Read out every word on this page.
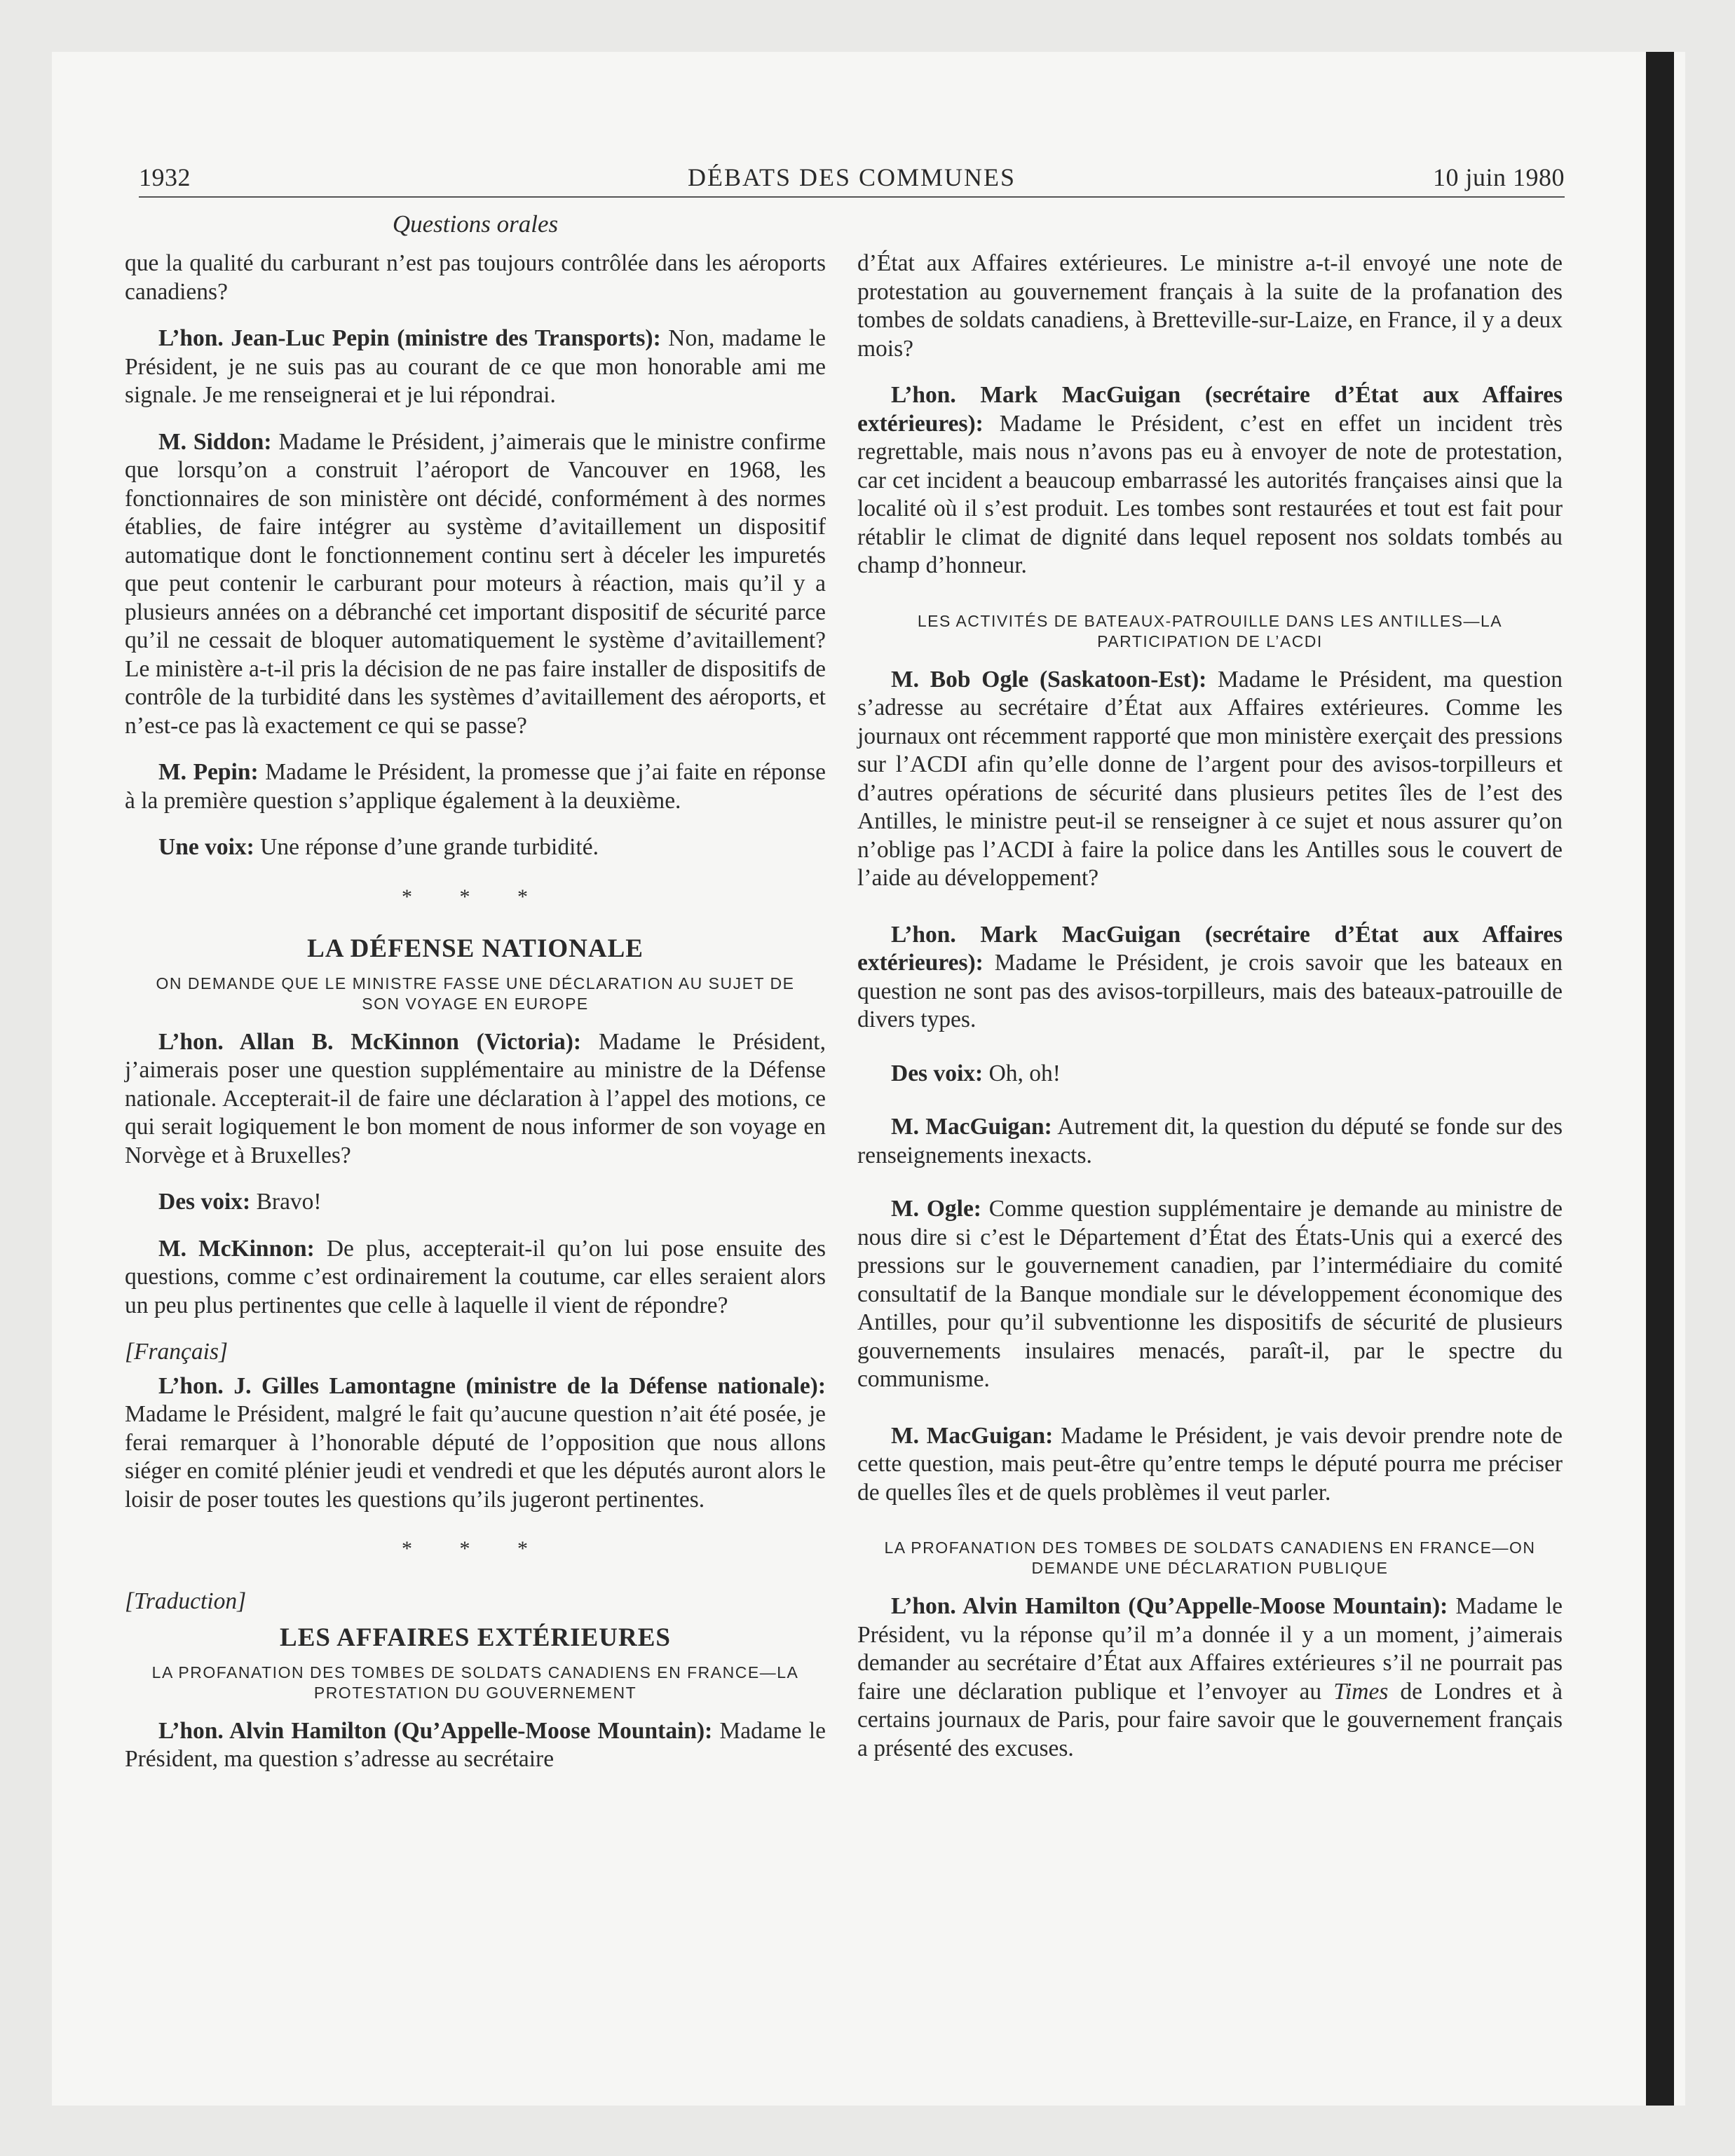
1932	DÉBATS DES COMMUNES	10 juin 1980
Questions orales

que la qualité du carburant n’est pas toujours contrôlée dans les aéroports canadiens?

L’hon. Jean-Luc Pepin (ministre des Transports): Non, madame le Président, je ne suis pas au courant de ce que mon honorable ami me signale. Je me renseignerai et je lui répondrai.

M. Siddon: Madame le Président, j’aimerais que le ministre confirme que lorsqu’on a construit l’aéroport de Vancouver en 1968, les fonctionnaires de son ministère ont décidé, conformément à des normes établies, de faire intégrer au système d’avitaillement un dispositif automatique dont le fonctionnement continu sert à déceler les impuretés que peut contenir le carburant pour moteurs à réaction, mais qu’il y a plusieurs années on a débranché cet important dispositif de sécurité parce qu’il ne cessait de bloquer automatiquement le système d’avitaillement? Le ministère a-t-il pris la décision de ne pas faire installer de dispositifs de contrôle de la turbidité dans les systèmes d’avitaillement des aéroports, et n’est-ce pas là exactement ce qui se passe?

M. Pepin: Madame le Président, la promesse que j’ai faite en réponse à la première question s’applique également à la deuxième.

Une voix: Une réponse d’une grande turbidité.

* * *
LA DÉFENSE NATIONALE
ON DEMANDE QUE LE MINISTRE FASSE UNE DÉCLARATION AU SUJET DE SON VOYAGE EN EUROPE

L’hon. Allan B. McKinnon (Victoria): Madame le Président, j’aimerais poser une question supplémentaire au ministre de la Défense nationale. Accepterait-il de faire une déclaration à l’appel des motions, ce qui serait logiquement le bon moment de nous informer de son voyage en Norvège et à Bruxelles?

Des voix: Bravo!

M. McKinnon: De plus, accepterait-il qu’on lui pose ensuite des questions, comme c’est ordinairement la coutume, car elles seraient alors un peu plus pertinentes que celle à laquelle il vient de répondre?

[Français]

L’hon. J. Gilles Lamontagne (ministre de la Défense nationale): Madame le Président, malgré le fait qu’aucune question n’ait été posée, je ferai remarquer à l’honorable député de l’opposition que nous allons siéger en comité plénier jeudi et vendredi et que les députés auront alors le loisir de poser toutes les questions qu’ils jugeront pertinentes.

* * *
[Traduction]
LES AFFAIRES EXTÉRIEURES
LA PROFANATION DES TOMBES DE SOLDATS CANADIENS EN FRANCE—LA PROTESTATION DU GOUVERNEMENT

L’hon. Alvin Hamilton (Qu’Appelle-Moose Mountain): Madame le Président, ma question s’adresse au secrétaire

d’État aux Affaires extérieures. Le ministre a-t-il envoyé une note de protestation au gouvernement français à la suite de la profanation des tombes de soldats canadiens, à Bretteville-sur-Laize, en France, il y a deux mois?

L’hon. Mark MacGuigan (secrétaire d’État aux Affaires extérieures): Madame le Président, c’est en effet un incident très regrettable, mais nous n’avons pas eu à envoyer de note de protestation, car cet incident a beaucoup embarrassé les autorités françaises ainsi que la localité où il s’est produit. Les tombes sont restaurées et tout est fait pour rétablir le climat de dignité dans lequel reposent nos soldats tombés au champ d’honneur.

LES ACTIVITÉS DE BATEAUX-PATROUILLE DANS LES ANTILLES—LA PARTICIPATION DE L’ACDI

M. Bob Ogle (Saskatoon-Est): Madame le Président, ma question s’adresse au secrétaire d’État aux Affaires extérieures. Comme les journaux ont récemment rapporté que mon ministère exerçait des pressions sur l’ACDI afin qu’elle donne de l’argent pour des avisos-torpilleurs et d’autres opérations de sécurité dans plusieurs petites îles de l’est des Antilles, le ministre peut-il se renseigner à ce sujet et nous assurer qu’on n’oblige pas l’ACDI à faire la police dans les Antilles sous le couvert de l’aide au développement?

L’hon. Mark MacGuigan (secrétaire d’État aux Affaires extérieures): Madame le Président, je crois savoir que les bateaux en question ne sont pas des avisos-torpilleurs, mais des bateaux-patrouille de divers types.

Des voix: Oh, oh!

M. MacGuigan: Autrement dit, la question du député se fonde sur des renseignements inexacts.

M. Ogle: Comme question supplémentaire je demande au ministre de nous dire si c’est le Département d’État des États-Unis qui a exercé des pressions sur le gouvernement canadien, par l’intermédiaire du comité consultatif de la Banque mondiale sur le développement économique des Antilles, pour qu’il subventionne les dispositifs de sécurité de plusieurs gouvernements insulaires menacés, paraît-il, par le spectre du communisme.

M. MacGuigan: Madame le Président, je vais devoir prendre note de cette question, mais peut-être qu’entre temps le député pourra me préciser de quelles îles et de quels problèmes il veut parler.

LA PROFANATION DES TOMBES DE SOLDATS CANADIENS EN FRANCE—ON DEMANDE UNE DÉCLARATION PUBLIQUE

L’hon. Alvin Hamilton (Qu’Appelle-Moose Mountain): Madame le Président, vu la réponse qu’il m’a donnée il y a un moment, j’aimerais demander au secrétaire d’État aux Affaires extérieures s’il ne pourrait pas faire une déclaration publique et l’envoyer au Times de Londres et à certains journaux de Paris, pour faire savoir que le gouvernement français a présenté des excuses.
